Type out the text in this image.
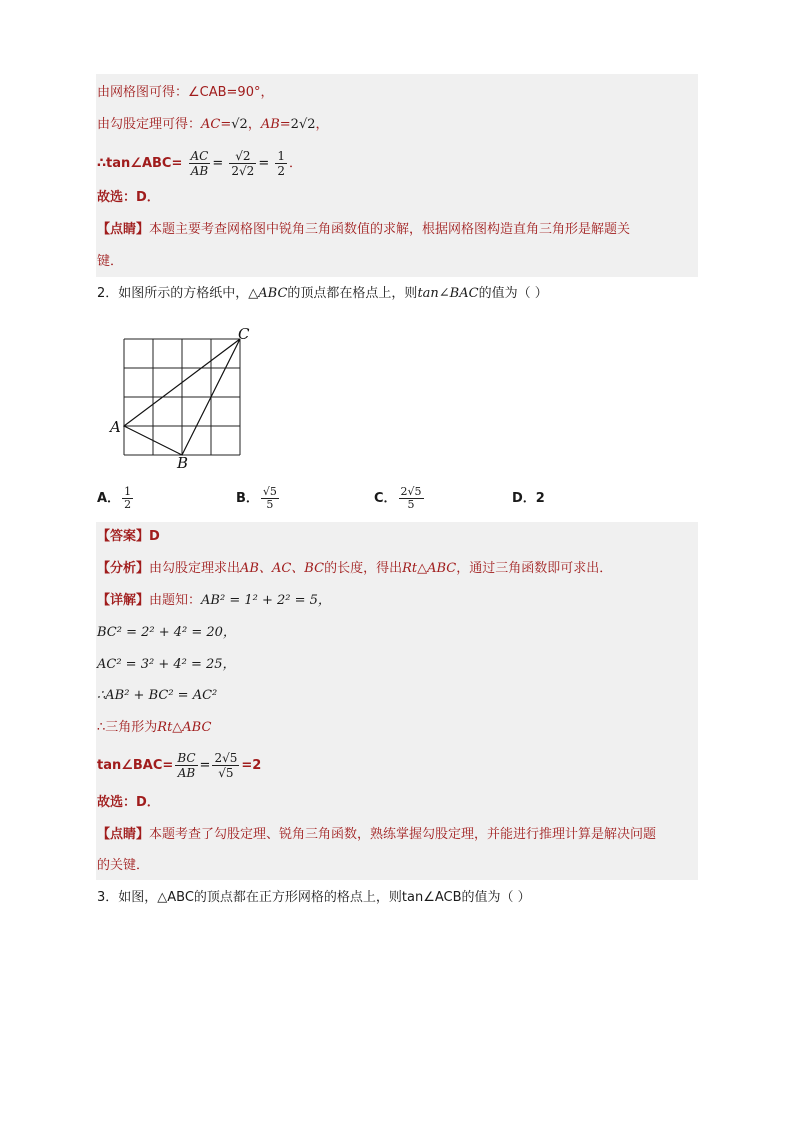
由网格图可得：∠CAB=90°，
由勾股定理可得：AC=√2，AB=2√2，
∴tan∠ABC= $\frac{AC}{AB} = \frac{√2}{2√2} = \frac{1}{2}$ ．
故选：D．
【点睛】本题主要考查网格图中锐角三角函数值的求解，根据网格图构造直角三角形是解题关
键．
2．如图所示的方格纸中，△ABC的顶点都在格点上，则tan∠BAC的值为（ ）
A
B
C
A． $\frac{1}{2}$	B． $\frac{√5}{5}$	C． $\frac{2√5}{5}$	D．2
【答案】D
【分析】由勾股定理求出AB、AC、BC的长度，得出Rt△ABC，通过三角函数即可求出．
【详解】由题知：AB² = 1² + 2² = 5，
BC² = 2² + 4² = 20，
AC² = 3² + 4² = 25，
∴AB² + BC² = AC²
∴三角形为Rt△ABC
tan∠BAC= $\frac{BC}{AB} = \frac{2√5}{√5} =2$
故选：D．
【点睛】本题考查了勾股定理、锐角三角函数，熟练掌握勾股定理，并能进行推理计算是解决问题
的关键．
3．如图，△ABC的顶点都在正方形网格的格点上，则tan∠ACB的值为（ ）
